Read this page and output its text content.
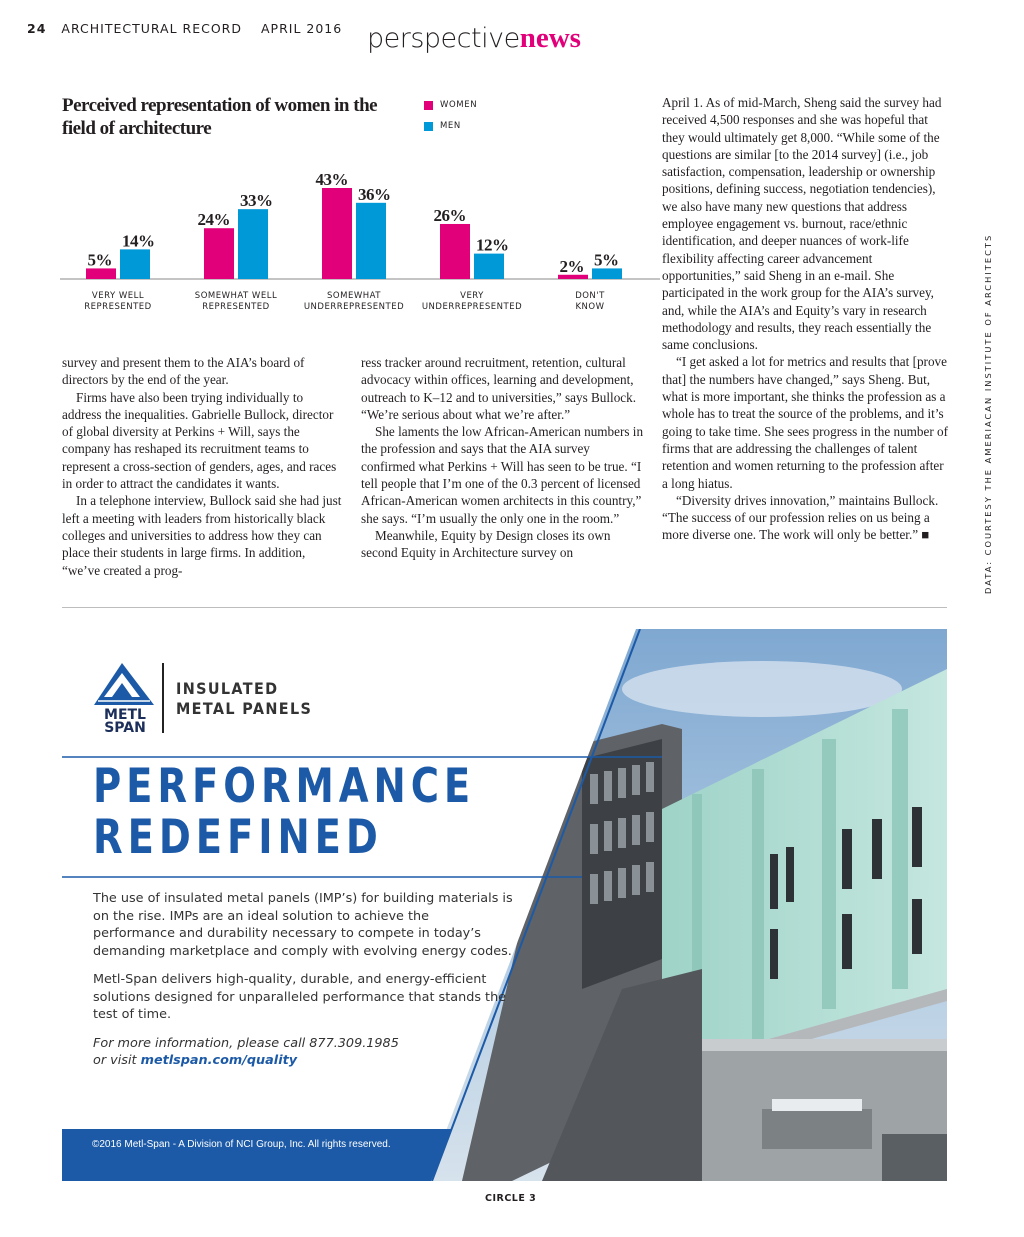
24 ARCHITECTURAL RECORD APRIL 2016 perspectivenews
Perceived representation of women in the field of architecture
WOMEN
MEN
5%
14%
VERY WELL
REPRESENTED
24%
33%
SOMEWHAT WELL
REPRESENTED
43%
36%
SOMEWHAT
UNDERREPRESENTED
26%
12%
VERY
UNDERREPRESENTED
2% 5%
DON'T
KNOW

survey and present them to the AIA’s board of directors by the end of the year.

Firms have also been trying individually to address the inequalities. Gabrielle Bullock, director of global diversity at Perkins + Will, says the company has reshaped its recruitment teams to represent a cross-section of genders, ages, and races in order to attract the candidates it wants.

In a telephone interview, Bullock said she had just left a meeting with leaders from historically black colleges and universities to address how they can place their students in large firms. In addition, “we’ve created a prog-

ress tracker around recruitment, retention, cultural advocacy within offices, learning and development, outreach to K–12 and to universities,” says Bullock. “We’re serious about what we’re after.”

She laments the low African-American numbers in the profession and says that the AIA survey confirmed what Perkins + Will has seen to be true. “I tell people that I’m one of the 0.3 percent of licensed African-American women architects in this country,” she says. “I’m usually the only one in the room.”

Meanwhile, Equity by Design closes its own second Equity in Architecture survey on

April 1. As of mid-March, Sheng said the survey had received 4,500 responses and she was hopeful that they would ultimately get 8,000. “While some of the questions are similar [to the 2014 survey] (i.e., job satisfaction, compensation, leadership or ownership positions, defining success, negotiation tendencies), we also have many new questions that address employee engagement vs. burnout, race/ethnic identification, and deeper nuances of work-life flexibility affecting career advancement opportunities,” said Sheng in an e-mail. She participated in the work group for the AIA’s survey, and, while the AIA’s and Equity’s vary in research methodology and results, they reach essentially the same conclusions.

“I get asked a lot for metrics and results that [prove that] the numbers have changed,” says Sheng. But, what is more important, she thinks the profession as a whole has to treat the source of the problems, and it’s going to take time. She sees progress in the number of firms that are addressing the challenges of talent retention and women returning to the profession after a long hiatus.

“Diversity drives innovation,” maintains Bullock. “The success of our profession relies on us being a more diverse one. The work will only be better.” ■	DATA: COURTESY THE AMERIACAN INSTITUTE OF ARCHITECTS
METL
SPAN
INSULATED
METAL PANELS
PERFORMANCE
REDEFINED

The use of insulated metal panels (IMP’s) for building materials is on the rise. IMPs are an ideal solution to achieve the performance and durability necessary to compete in today’s demanding marketplace and comply with evolving energy codes.

Metl-Span delivers high-quality, durable, and energy-efficient solutions designed for unparalleled performance that stands the test of time.

For more information, please call 877.309.1985
or visit metlspan.com/quality

©2016 Metl-Span - A Division of NCI Group, Inc. All rights reserved.
CIRCLE 3
